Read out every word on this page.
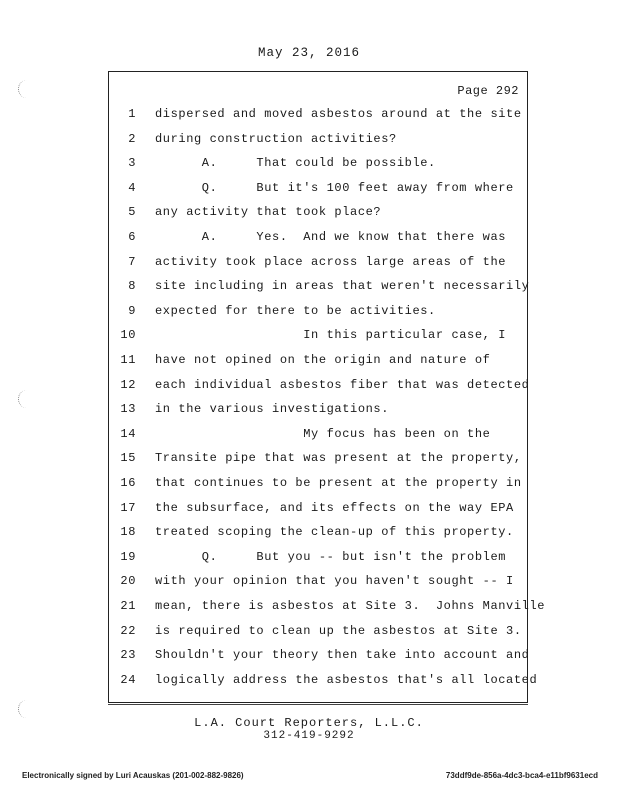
May 23, 2016
Page 292
1 dispersed and moved asbestos around at the site
2 during construction activities?
3 A.     That could be possible.
4 Q.     But it's 100 feet away from where
5 any activity that took place?
6 A.     Yes.  And we know that there was
7 activity took place across large areas of the
8 site including in areas that weren't necessarily
9 expected for there to be activities.
10 In this particular case, I
11 have not opined on the origin and nature of
12 each individual asbestos fiber that was detected
13 in the various investigations.
14 My focus has been on the
15 Transite pipe that was present at the property,
16 that continues to be present at the property in
17 the subsurface, and its effects on the way EPA
18 treated scoping the clean-up of this property.
19 Q.     But you -- but isn't the problem
20 with your opinion that you haven't sought -- I
21 mean, there is asbestos at Site 3.  Johns Manville
22 is required to clean up the asbestos at Site 3.
23 Shouldn't your theory then take into account and
24 logically address the asbestos that's all located
L.A. Court Reporters, L.L.C.
312-419-9292
Electronically signed by Luri Acauskas (201-002-882-9826)	73ddf9de-856a-4dc3-bca4-e11bf9631ecd
